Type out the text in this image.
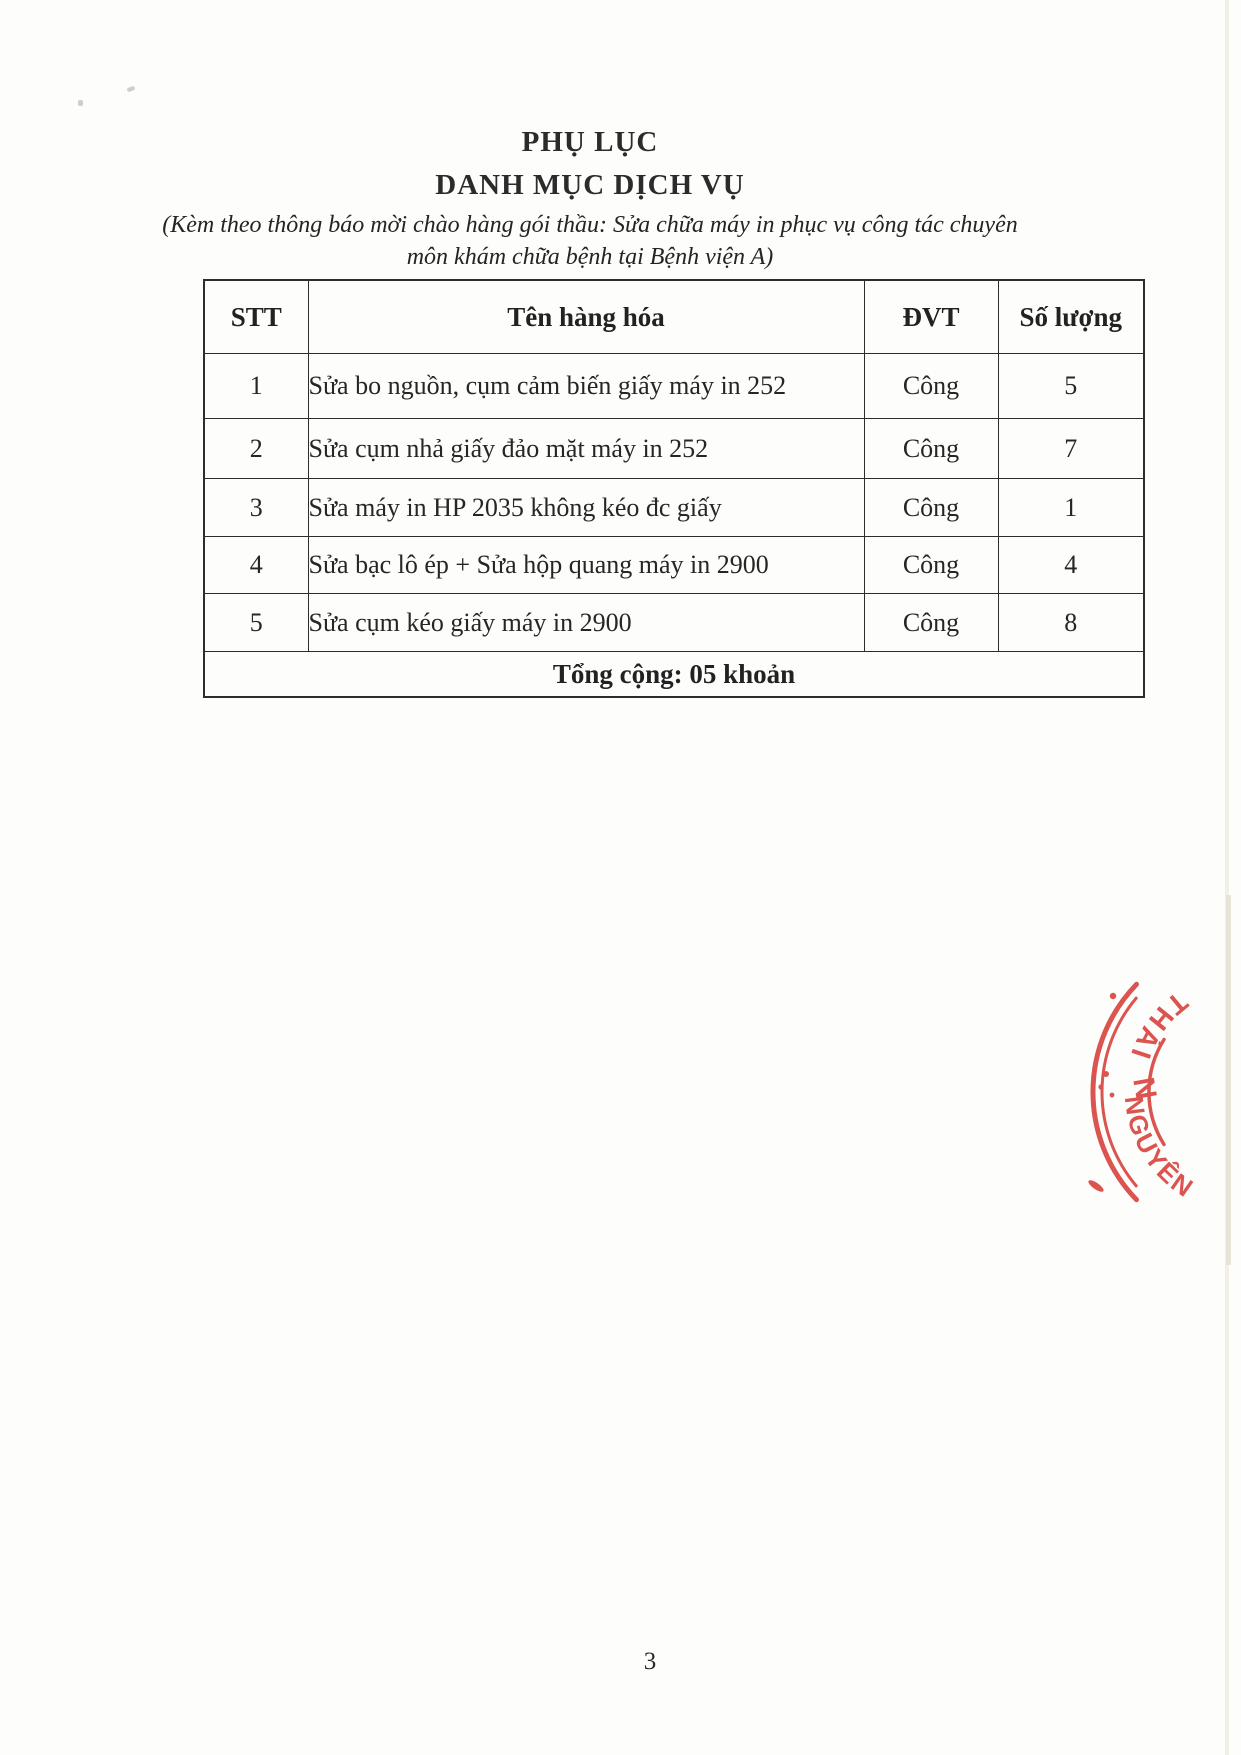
PHỤ LỤC
DANH MỤC DỊCH VỤ
(Kèm theo thông báo mời chào hàng gói thầu: Sửa chữa máy in phục vụ công tác chuyên
môn khám chữa bệnh tại Bệnh viện A)
STT	Tên hàng hóa	ĐVT	Số lượng
1	Sửa bo nguồn, cụm cảm biến giấy máy in 252	Công	5
2	Sửa cụm nhả giấy đảo mặt máy in 252	Công	7
3	Sửa máy in HP 2035 không kéo đc giấy	Công	1
4	Sửa bạc lô ép + Sửa hộp quang máy in 2900	Công	4
5	Sửa cụm kéo giấy máy in 2900	Công	8
Tổng cộng: 05 khoản			
THÁI
NGUYÊN
N
3
